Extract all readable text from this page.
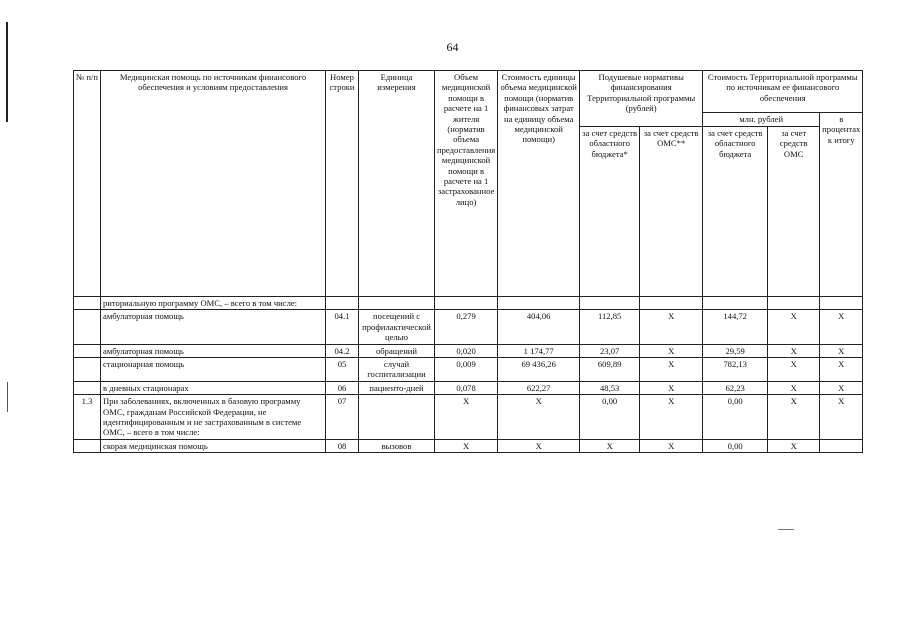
64
№ п/п	Медицинская помощь по источникам финансового обеспечения и условиям предоставления	Номер строки	Единица измерения	Объем медицинской помощи в расчете на 1 жителя (норматив объема предоставления медицинской помощи в расчете на 1 застрахованное лицо)	Стоимость единицы объема медицинской помощи (норматив финансовых затрат на единицу объема медицинской помощи)	Подушевые нормативы финансирования Территориальной программы (рублей)		Стоимость Территориальной программы по источникам ее финансового обеспечения		

								млн. рублей		в процентах к итогу
						за счет средств областного бюджета*	за счет средств ОМС**	за счет средств областного бюджета	за счет средств ОМС	
	риториальную программу ОМС, – всего в том числе:									
	амбулаторная помощь	04.1	посещений с профилактической целью	0,279	404,06	112,85	X	144,72	X	X
	амбулаторная помощь	04.2	обращений	0,020	1 174,77	23,07	X	29,59	X	X
	стационарная помощь	05	случай госпитализации	0,009	69 436,26	609,89	X	782,13	X	X
	в дневных стационарах	06	пациенто-дней	0,078	622,27	48,53	X	62,23	X	X
1.3	При заболеваниях, включенных в базовую программу ОМС, гражданам Российской Федерации, не идентифицированным и не застрахованным в системе ОМС, – всего в том числе:	07		X	X	0,00	X	0,00	X	X
	скорая медицинская помощь	08	вызовов	X	X	X	X	0,00	X	
